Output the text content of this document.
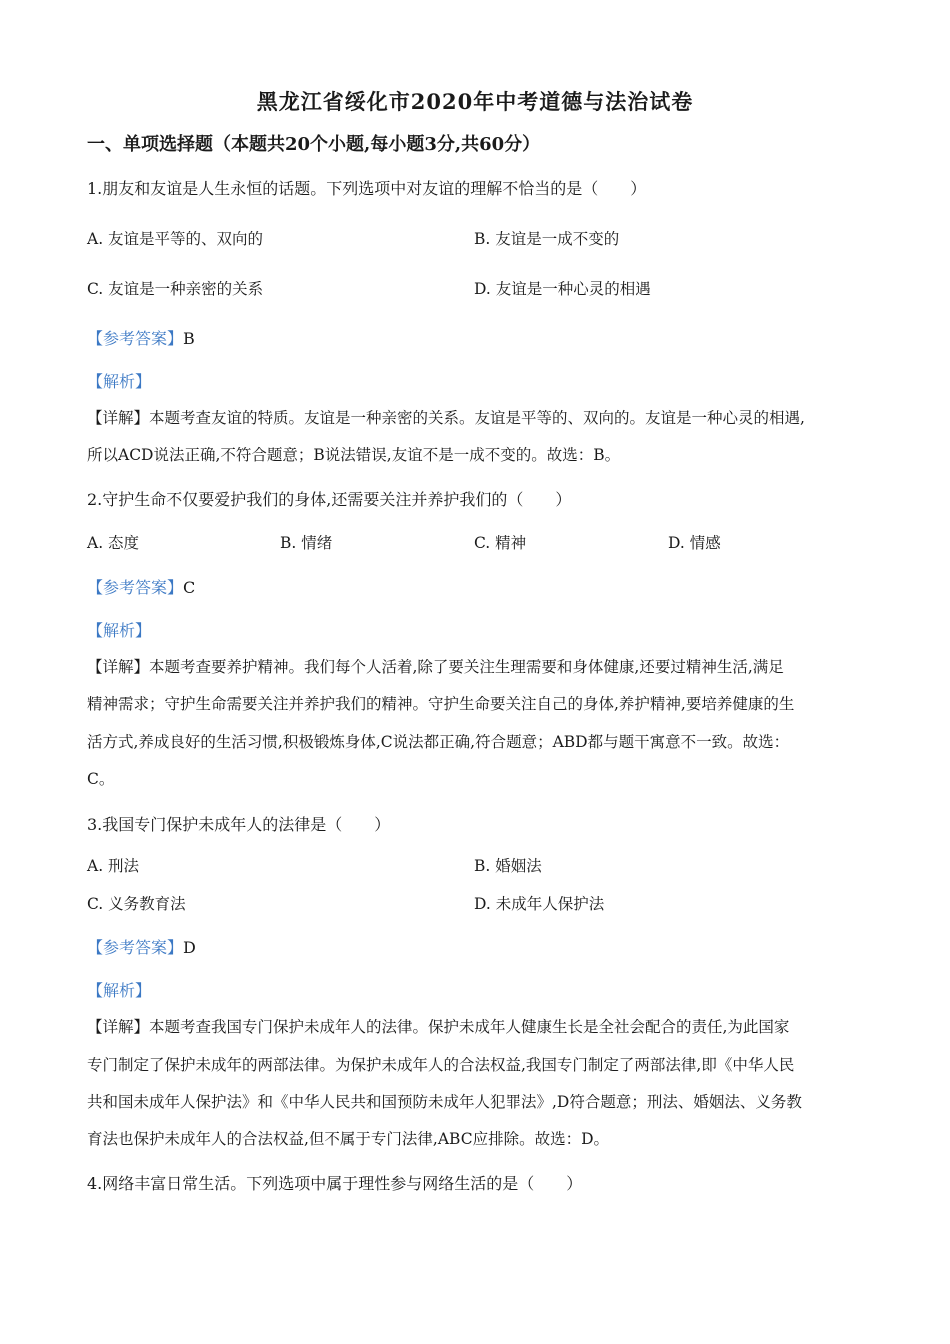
黑龙江省绥化市2020年中考道德与法治试卷
一、单项选择题（本题共20个小题,每小题3分,共60分）
1.朋友和友谊是人生永恒的话题。下列选项中对友谊的理解不恰当的是（　　）
A. 友谊是平等的、双向的	B. 友谊是一成不变的
C. 友谊是一种亲密的关系	D. 友谊是一种心灵的相遇
【参考答案】B
【解析】
【详解】本题考查友谊的特质。友谊是一种亲密的关系。友谊是平等的、双向的。友谊是一种心灵的相遇,
所以ACD说法正确,不符合题意；B说法错误,友谊不是一成不变的。故选：B。
2.守护生命不仅要爱护我们的身体,还需要关注并养护我们的（　　）
A. 态度	B. 情绪	C. 精神	D. 情感
【参考答案】C
【解析】
【详解】本题考查要养护精神。我们每个人活着,除了要关注生理需要和身体健康,还要过精神生活,满足
精神需求；守护生命需要关注并养护我们的精神。守护生命要关注自己的身体,养护精神,要培养健康的生
活方式,养成良好的生活习惯,积极锻炼身体,C说法都正确,符合题意；ABD都与题干寓意不一致。故选：
C。
3.我国专门保护未成年人的法律是（　　）
A. 刑法	B. 婚姻法
C. 义务教育法	D. 未成年人保护法
【参考答案】D
【解析】
【详解】本题考查我国专门保护未成年人的法律。保护未成年人健康生长是全社会配合的责任,为此国家
专门制定了保护未成年的两部法律。为保护未成年人的合法权益,我国专门制定了两部法律,即《中华人民
共和国未成年人保护法》和《中华人民共和国预防未成年人犯罪法》,D符合题意；刑法、婚姻法、义务教
育法也保护未成年人的合法权益,但不属于专门法律,ABC应排除。故选：D。
4.网络丰富日常生活。下列选项中属于理性参与网络生活的是（　　）
